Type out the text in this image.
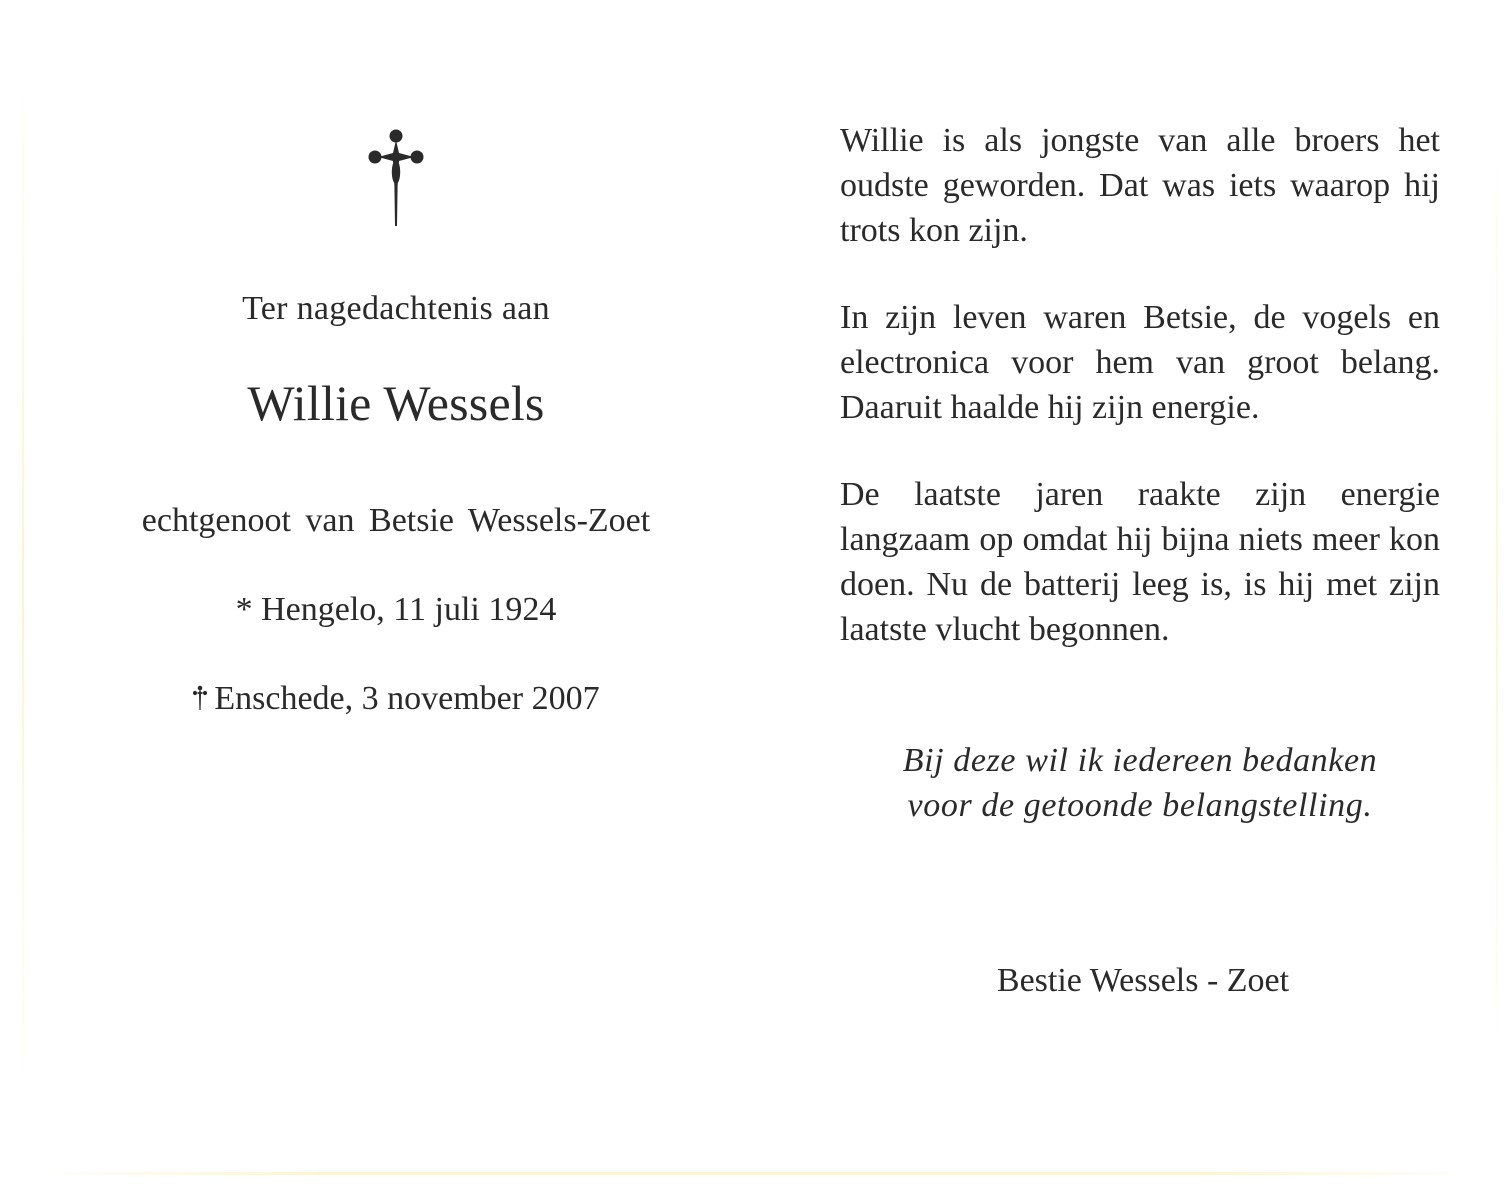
Ter nagedachtenis aan
Willie Wessels
echtgenoot van Betsie Wessels-Zoet
* Hengelo, 11 juli 1924
Enschede, 3 november 2007
Willie is als jongste van alle broers het oudste geworden. Dat was iets waarop hij trots kon zijn.
In zijn leven waren Betsie, de vogels en electronica voor hem van groot belang. Daaruit haalde hij zijn energie.
De laatste jaren raakte zijn energie langzaam op omdat hij bijna niets meer kon doen. Nu de batterij leeg is, is hij met zijn laatste vlucht begonnen.
Bij deze wil ik iedereen bedanken
voor de getoonde belangstelling.
Bestie Wessels - Zoet
